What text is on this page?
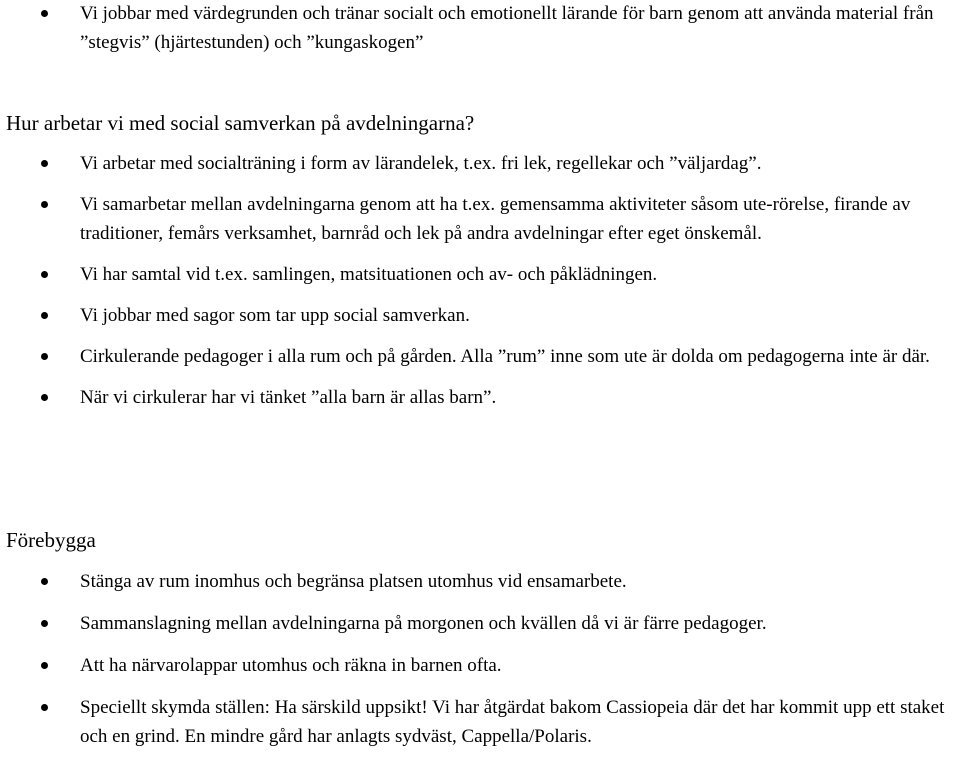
Vi jobbar med värdegrunden och tränar socialt och emotionellt lärande för barn genom att använda material från ”stegvis” (hjärtestunden) och ”kungaskogen”
Hur arbetar vi med social samverkan på avdelningarna?
Vi arbetar med socialträning i form av lärandelek, t.ex. fri lek, regellekar och ”väljardag”.
Vi samarbetar mellan avdelningarna genom att ha t.ex. gemensamma aktiviteter såsom ute-rörelse, firande av traditioner, femårs verksamhet, barnråd och lek på andra avdelningar efter eget önskemål.
Vi har samtal vid t.ex. samlingen, matsituationen och av- och påklädningen.
Vi jobbar med sagor som tar upp social samverkan.
Cirkulerande pedagoger i alla rum och på gården. Alla ”rum” inne som ute är dolda om pedagogerna inte är där.
När vi cirkulerar har vi tänket ”alla barn är allas barn”.
Förebygga
Stänga av rum inomhus och begränsa platsen utomhus vid ensamarbete.
Sammanslagning mellan avdelningarna på morgonen och kvällen då vi är färre pedagoger.
Att ha närvarolappar utomhus och räkna in barnen ofta.
Speciellt skymda ställen: Ha särskild uppsikt! Vi har åtgärdat bakom Cassiopeia där det har kommit upp ett staket och en grind. En mindre gård har anlagts sydväst, Cappella/Polaris.
